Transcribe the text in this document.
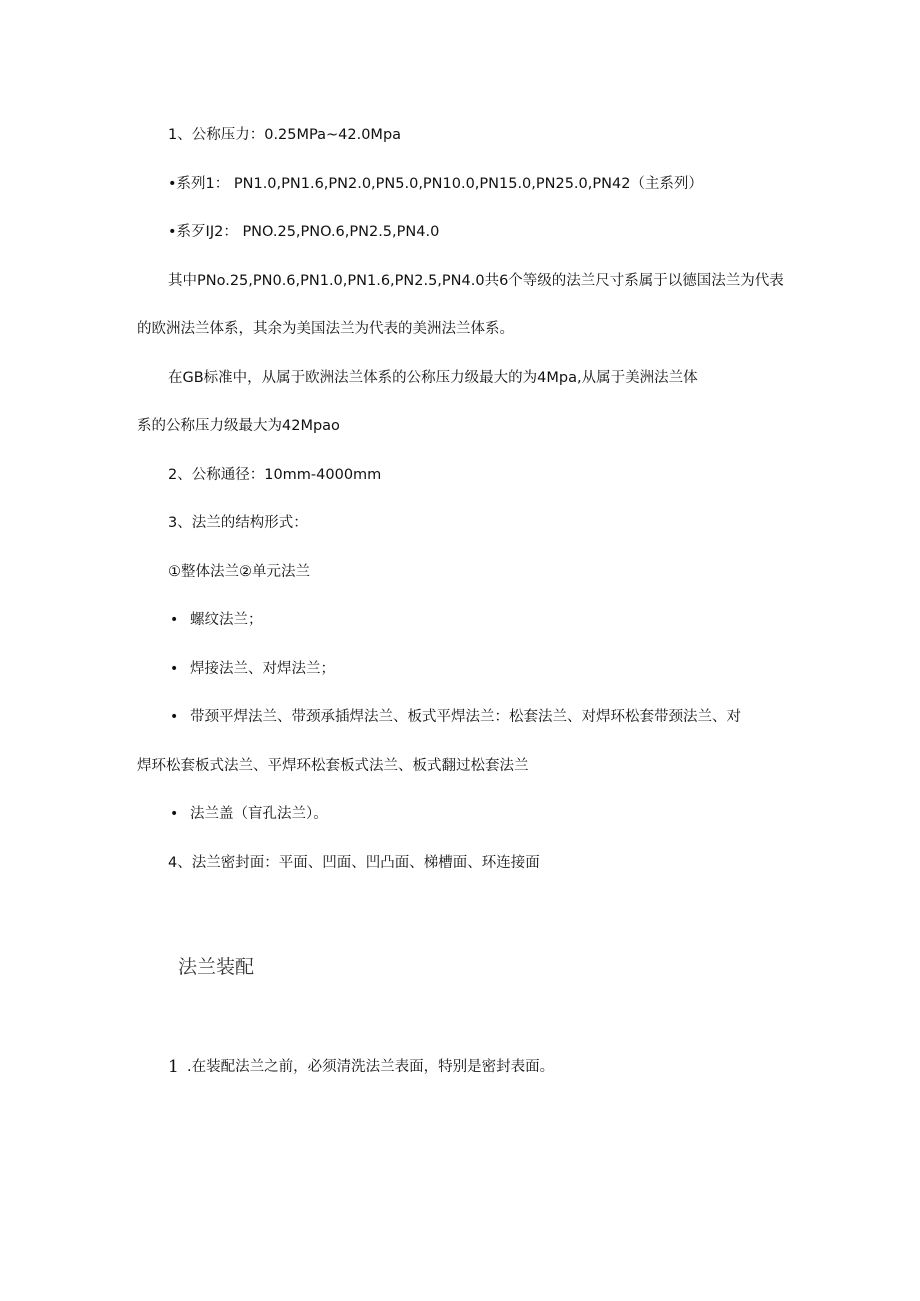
1、公称压力：0.25MPa~42.0Mpa
•系列1： PN1.0,PN1.6,PN2.0,PN5.0,PN10.0,PN15.0,PN25.0,PN42（主系列）
•系歹IJ2： PNO.25,PNO.6,PN2.5,PN4.0
其中PNo.25,PN0.6,PN1.0,PN1.6,PN2.5,PN4.0共6个等级的法兰尺寸系属于以德国法兰为代表
的欧洲法兰体系，其余为美国法兰为代表的美洲法兰体系。
在GB标准中，从属于欧洲法兰体系的公称压力级最大的为4Mpa,从属于美洲法兰体
系的公称压力级最大为42Mpao
2、公称通径：10mm-4000mm
3、法兰的结构形式：
①整体法兰②单元法兰
• 螺纹法兰；
• 焊接法兰、对焊法兰；
• 带颈平焊法兰、带颈承插焊法兰、板式平焊法兰：松套法兰、对焊环松套带颈法兰、对
焊环松套板式法兰、平焊环松套板式法兰、板式翻过松套法兰
• 法兰盖（盲孔法兰）。
4、法兰密封面：平面、凹面、凹凸面、梯槽面、环连接面
法兰装配
1 .在装配法兰之前，必须清洗法兰表面，特别是密封表面。
